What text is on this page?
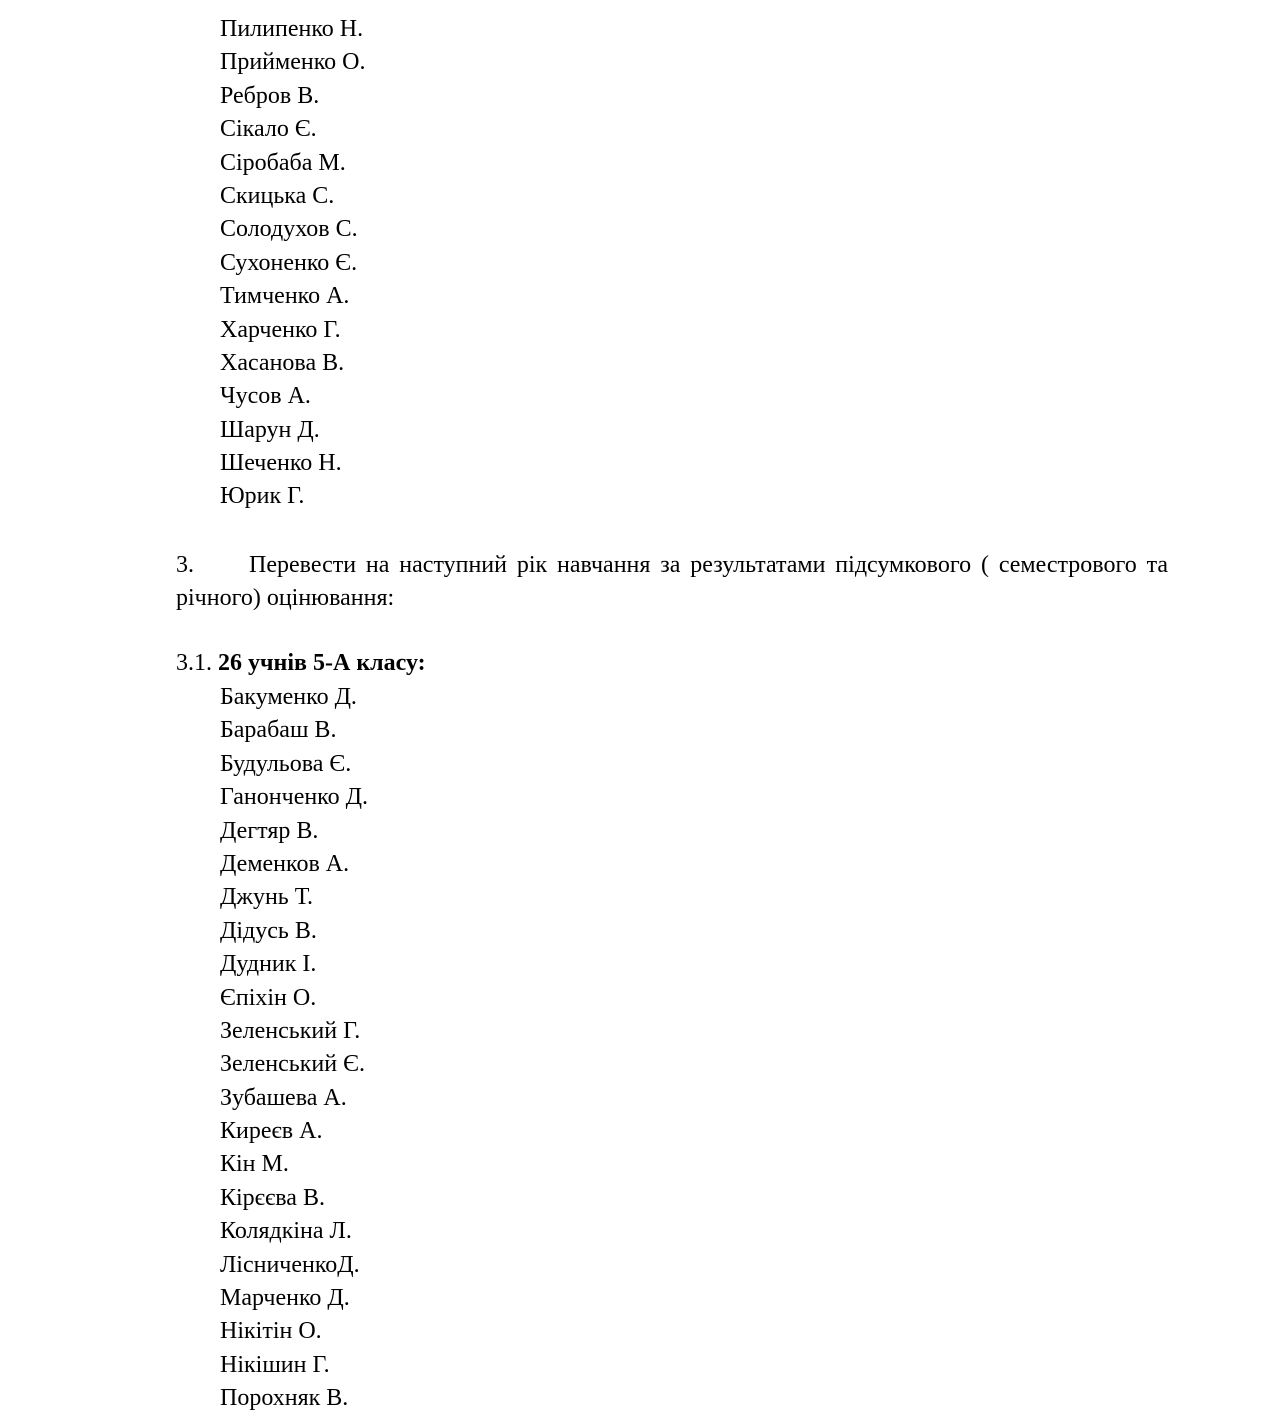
Пилипенко Н.
Прийменко О.
Ребров В.
Сікало Є.
Сіробаба М.
Скицька С.
Солодухов С.
Сухоненко Є.
Тимченко А.
Харченко Г.
Хасанова В.
Чусов А.
Шарун Д.
Шеченко Н.
Юрик Г.
3. Перевести на наступний рік навчання за результатами підсумкового ( семестрового та річного) оцінювання:
3.1. 26 учнів 5-А класу:
Бакуменко Д.
Барабаш В.
Будульова Є.
Ганонченко Д.
Дегтяр В.
Деменков А.
Джунь Т.
Дідусь В.
Дудник І.
Єпіхін О.
Зеленський Г.
Зеленський Є.
Зубашева А.
Киреєв А.
Кін М.
Кірєєва В.
Колядкіна Л.
ЛісниченкоД.
Марченко Д.
Нікітін О.
Нікішин Г.
Порохняк В.
